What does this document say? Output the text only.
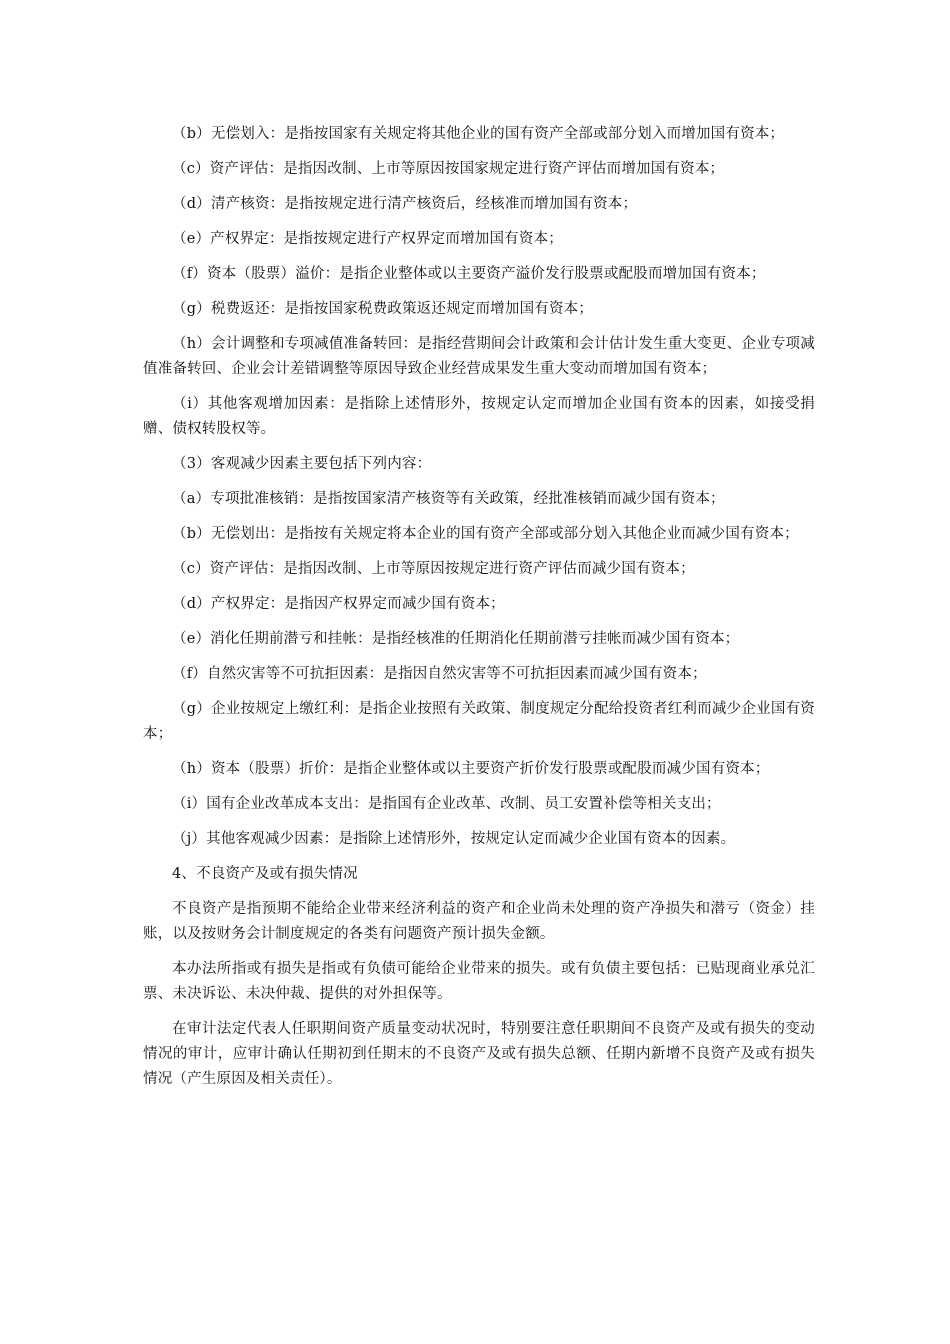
（b）无偿划入：是指按国家有关规定将其他企业的国有资产全部或部分划入而增加国有资本；

（c）资产评估：是指因改制、上市等原因按国家规定进行资产评估而增加国有资本；

（d）清产核资：是指按规定进行清产核资后，经核准而增加国有资本；

（e）产权界定：是指按规定进行产权界定而增加国有资本；

（f）资本（股票）溢价：是指企业整体或以主要资产溢价发行股票或配股而增加国有资本；

（g）税费返还：是指按国家税费政策返还规定而增加国有资本；

（h）会计调整和专项减值准备转回：是指经营期间会计政策和会计估计发生重大变更、企业专项减值准备转回、企业会计差错调整等原因导致企业经营成果发生重大变动而增加国有资本；

（i）其他客观增加因素：是指除上述情形外，按规定认定而增加企业国有资本的因素，如接受捐赠、债权转股权等。

（3）客观减少因素主要包括下列内容：

（a）专项批准核销：是指按国家清产核资等有关政策，经批准核销而减少国有资本；

（b）无偿划出：是指按有关规定将本企业的国有资产全部或部分划入其他企业而减少国有资本；

（c）资产评估：是指因改制、上市等原因按规定进行资产评估而减少国有资本；

（d）产权界定：是指因产权界定而减少国有资本；

（e）消化任期前潜亏和挂帐：是指经核准的任期消化任期前潜亏挂帐而减少国有资本；

（f）自然灾害等不可抗拒因素：是指因自然灾害等不可抗拒因素而减少国有资本；

（g）企业按规定上缴红利：是指企业按照有关政策、制度规定分配给投资者红利而减少企业国有资本；

（h）资本（股票）折价：是指企业整体或以主要资产折价发行股票或配股而减少国有资本；

（i）国有企业改革成本支出：是指国有企业改革、改制、员工安置补偿等相关支出；

（j）其他客观减少因素：是指除上述情形外，按规定认定而减少企业国有资本的因素。

4、不良资产及或有损失情况

不良资产是指预期不能给企业带来经济利益的资产和企业尚未处理的资产净损失和潜亏（资金）挂账，以及按财务会计制度规定的各类有问题资产预计损失金额。

本办法所指或有损失是指或有负债可能给企业带来的损失。或有负债主要包括：已贴现商业承兑汇票、未决诉讼、未决仲裁、提供的对外担保等。

在审计法定代表人任职期间资产质量变动状况时，特别要注意任职期间不良资产及或有损失的变动情况的审计，应审计确认任期初到任期末的不良资产及或有损失总额、任期内新增不良资产及或有损失情况（产生原因及相关责任）。
